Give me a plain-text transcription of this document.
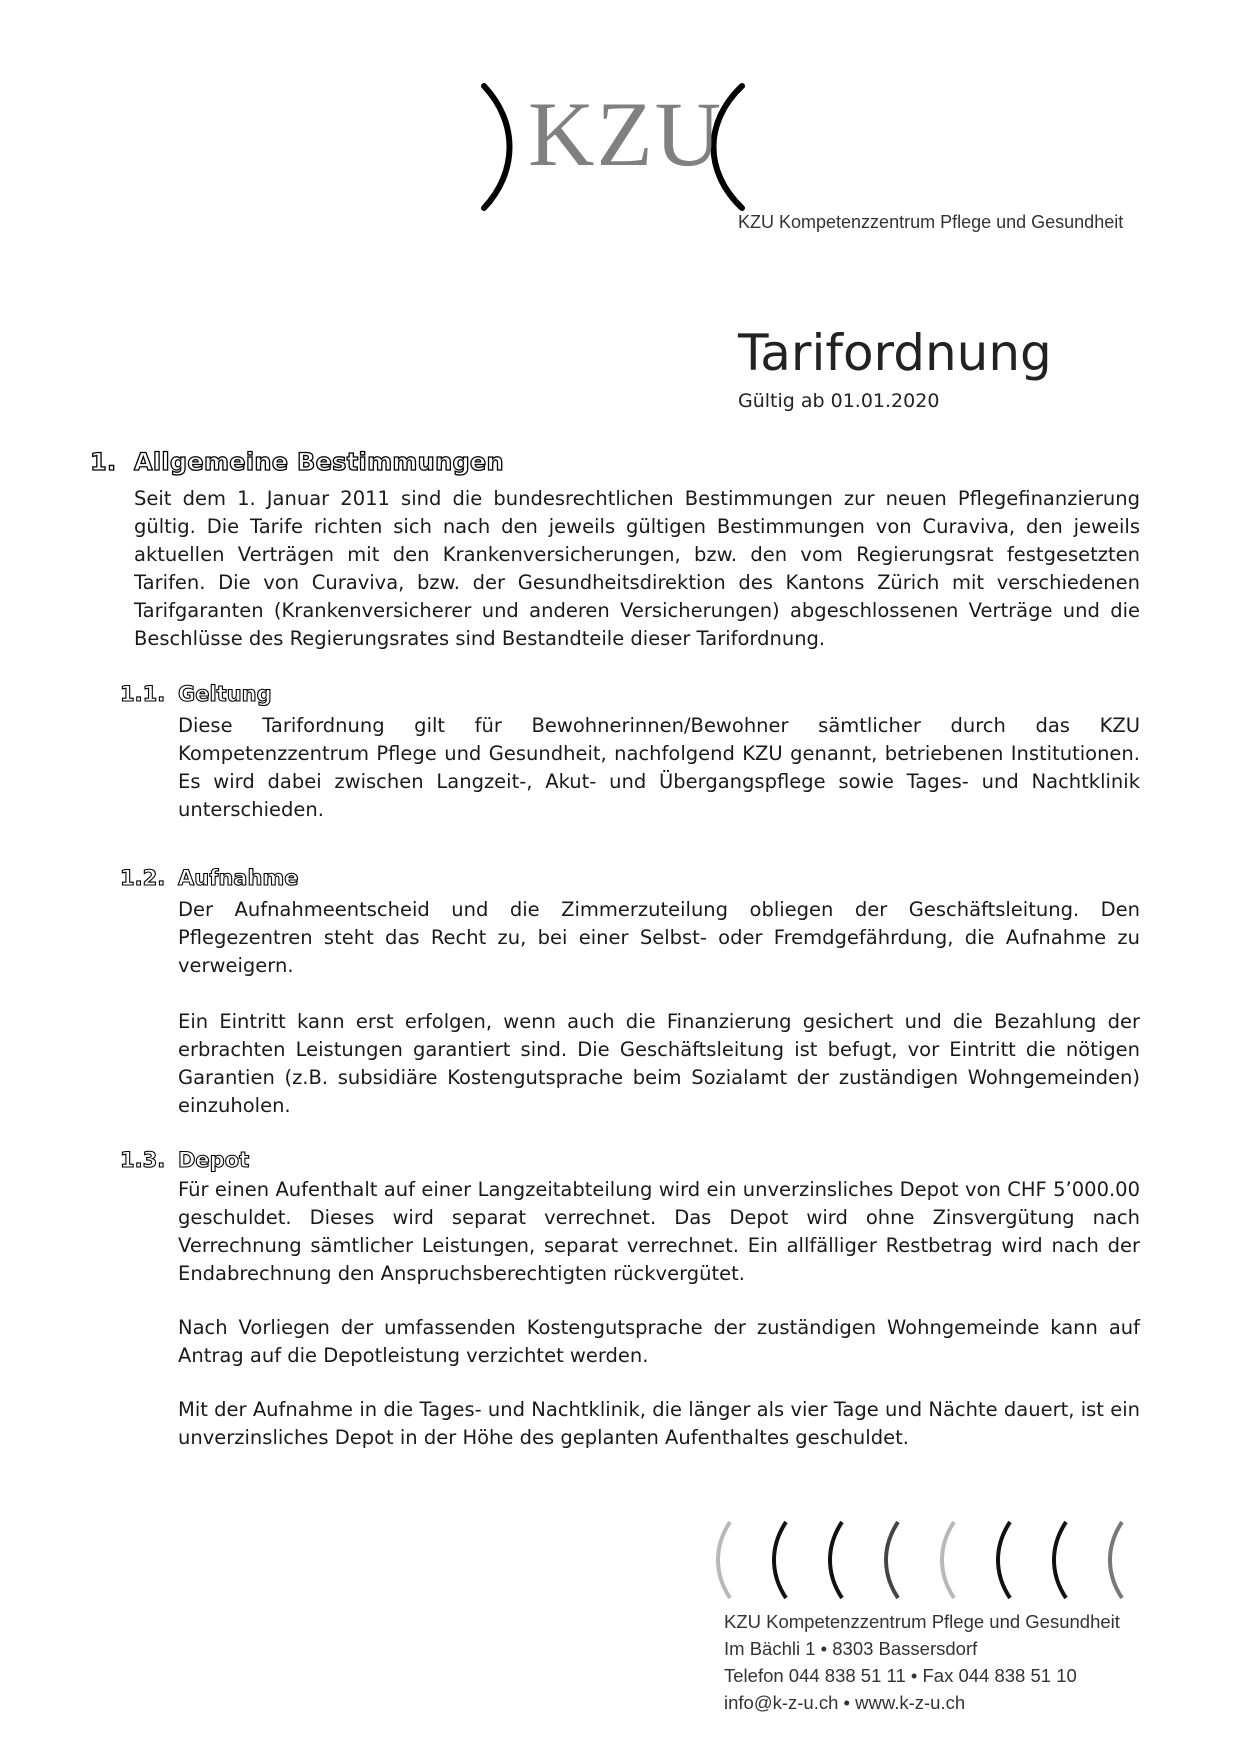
KZU
KZU Kompetenzzentrum Pflege und Gesundheit
Tarifordnung
Gültig ab 01.01.2020
1. Allgemeine Bestimmungen
Seit dem 1. Januar 2011 sind die bundesrechtlichen Bestimmungen zur neuen Pflegefinanzierung gültig. Die Tarife richten sich nach den jeweils gültigen Bestimmungen von Curaviva, den jeweils aktuellen Verträgen mit den Krankenversicherungen, bzw. den vom Regierungsrat festgesetzten Tarifen. Die von Curaviva, bzw. der Gesundheitsdirektion des Kantons Zürich mit verschiedenen Tarifgaranten (Krankenversicherer und anderen Versicherungen) abgeschlossenen Verträge und die Beschlüsse des Regierungsrates sind Bestandteile dieser Tarifordnung.
1.1. Geltung
Diese Tarifordnung gilt für Bewohnerinnen/Bewohner sämtlicher durch das KZU Kompetenzzentrum Pflege und Gesundheit, nachfolgend KZU genannt, betriebenen Institutionen. Es wird dabei zwischen Langzeit-, Akut- und Übergangspflege sowie Tages- und Nachtklinik unterschieden.
1.2. Aufnahme
Der Aufnahmeentscheid und die Zimmerzuteilung obliegen der Geschäftsleitung. Den Pflegezentren steht das Recht zu, bei einer Selbst- oder Fremdgefährdung, die Aufnahme zu verweigern.
Ein Eintritt kann erst erfolgen, wenn auch die Finanzierung gesichert und die Bezahlung der erbrachten Leistungen garantiert sind. Die Geschäftsleitung ist befugt, vor Eintritt die nötigen Garantien (z.B. subsidiäre Kostengutsprache beim Sozialamt der zuständigen Wohngemeinden) einzuholen.
1.3. Depot
Für einen Aufenthalt auf einer Langzeitabteilung wird ein unverzinsliches Depot von CHF 5’000.00 geschuldet. Dieses wird separat verrechnet. Das Depot wird ohne Zinsvergütung nach Verrechnung sämtlicher Leistungen, separat verrechnet. Ein allfälliger Restbetrag wird nach der Endabrechnung den Anspruchsberechtigten rückvergütet.
Nach Vorliegen der umfassenden Kostengutsprache der zuständigen Wohngemeinde kann auf Antrag auf die Depotleistung verzichtet werden.
Mit der Aufnahme in die Tages- und Nachtklinik, die länger als vier Tage und Nächte dauert, ist ein unverzinsliches Depot in der Höhe des geplanten Aufenthaltes geschuldet.
KZU Kompetenzzentrum Pflege und Gesundheit
Im Bächli 1 • 8303 Bassersdorf
Telefon 044 838 51 11 • Fax 044 838 51 10
info@k-z-u.ch • www.k-z-u.ch
